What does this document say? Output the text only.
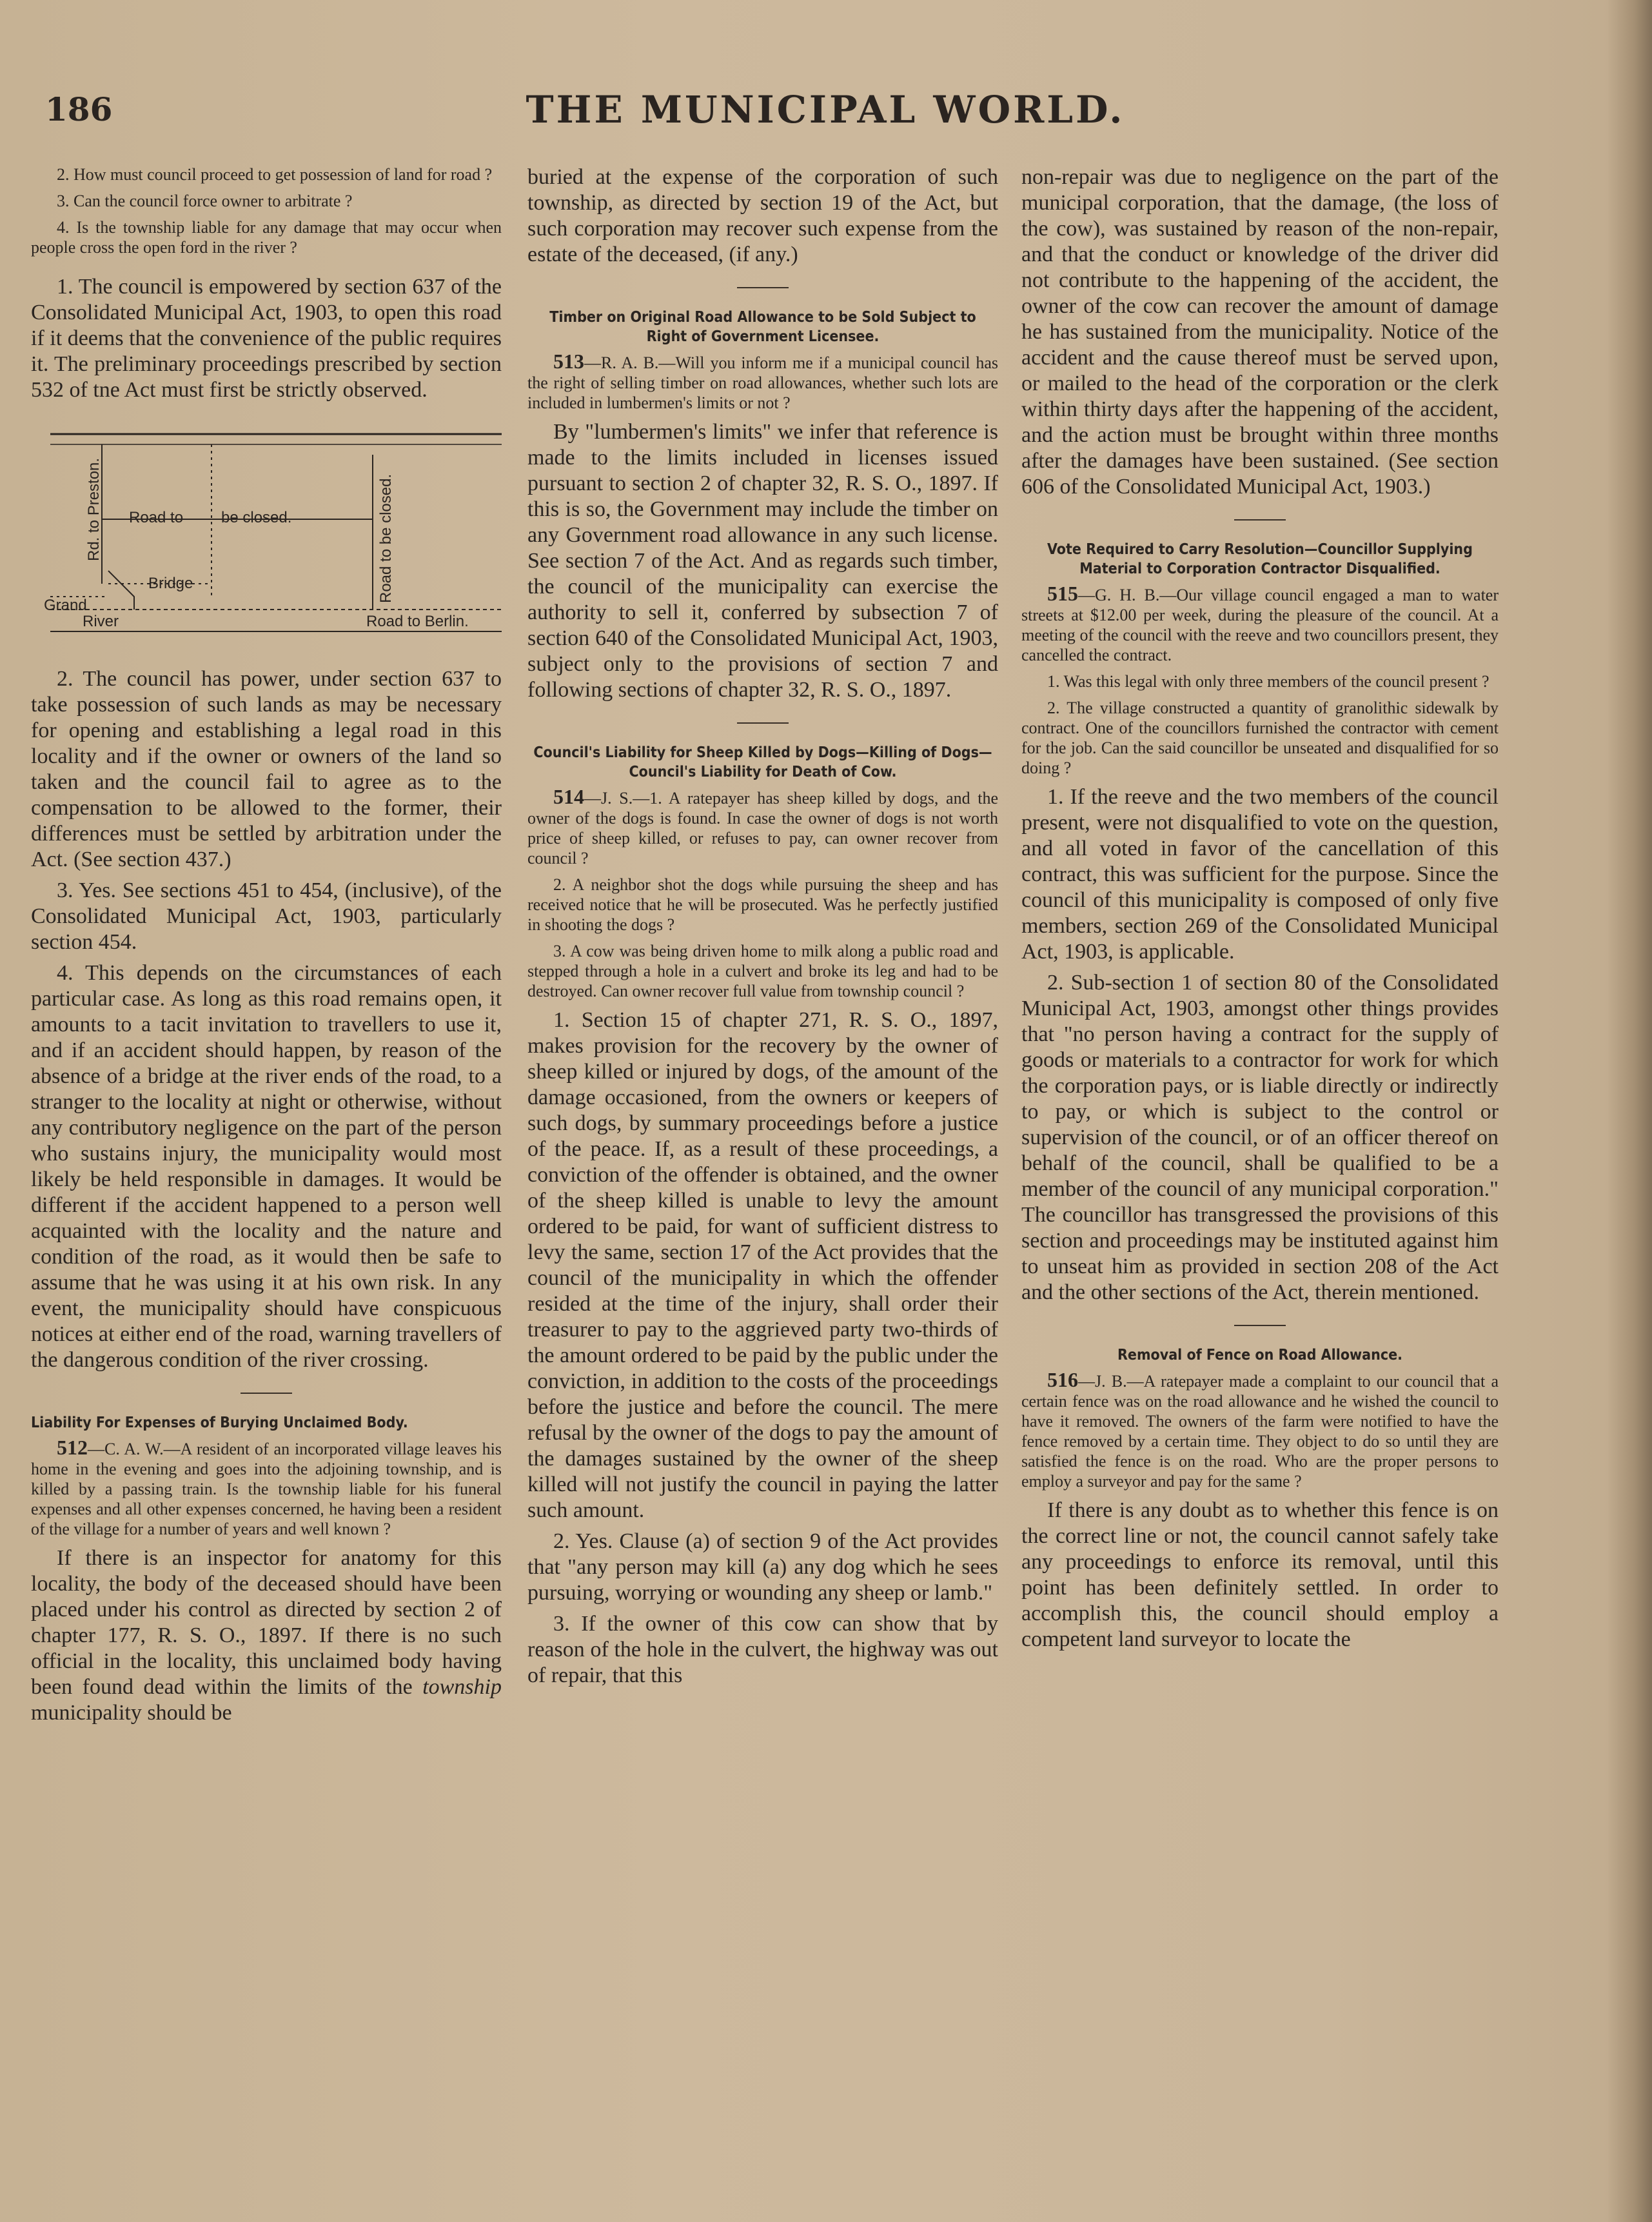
186	THE MUNICIPAL WORLD.

2. How must council proceed to get possession of land for road ?

3. Can the council force owner to arbitrate ?

4. Is the township liable for any damage that may occur when people cross the open ford in the river ?

1. The council is empowered by section 637 of the Consolidated Municipal Act, 1903, to open this road if it deems that the convenience of the public requires it. The preliminary proceedings prescribed by section 532 of tne Act must first be strictly observed.

Rd. to Preston. Road to be closed.	Road to be closed.
Bridge
Grand
River	Road to Berlin.

2. The council has power, under section 637 to take possession of such lands as may be necessary for opening and establishing a legal road in this locality and if the owner or owners of the land so taken and the council fail to agree as to the compensation to be allowed to the former, their differences must be settled by arbitration under the Act. (See section 437.)

3. Yes. See sections 451 to 454, (inclusive), of the Consolidated Municipal Act, 1903, particularly section 454.

4. This depends on the circumstances of each particular case. As long as this road remains open, it amounts to a tacit invitation to travellers to use it, and if an accident should happen, by reason of the absence of a bridge at the river ends of the road, to a stranger to the locality at night or otherwise, without any contributory negligence on the part of the person who sustains injury, the municipality would most likely be held responsible in damages. It would be different if the accident happened to a person well acquainted with the locality and the nature and condition of the road, as it would then be safe to assume that he was using it at his own risk. In any event, the municipality should have conspicuous notices at either end of the road, warning travellers of the dangerous condition of the river crossing.

Liability For Expenses of Burying Unclaimed Body.

512—C. A. W.—A resident of an incorporated village leaves his home in the evening and goes into the adjoining township, and is killed by a passing train. Is the township liable for his funeral expenses and all other expenses concerned, he having been a resident of the village for a number of years and well known ?

If there is an inspector for anatomy for this locality, the body of the deceased should have been placed under his control as directed by section 2 of chapter 177, R. S. O., 1897. If there is no such official in the locality, this unclaimed body having been found dead within the limits of the township municipality should be

buried at the expense of the corporation of such township, as directed by section 19 of the Act, but such corporation may recover such expense from the estate of the deceased, (if any.)

Timber on Original Road Allowance to be Sold Subject to Right of Government Licensee.

513—R. A. B.—Will you inform me if a municipal council has the right of selling timber on road allowances, whether such lots are included in lumbermen's limits or not ?

By "lumbermen's limits" we infer that reference is made to the limits included in licenses issued pursuant to section 2 of chapter 32, R. S. O., 1897. If this is so, the Government may include the timber on any Government road allowance in any such license. See section 7 of the Act. And as regards such timber, the council of the municipality can exercise the authority to sell it, conferred by subsection 7 of section 640 of the Consolidated Municipal Act, 1903, subject only to the provisions of section 7 and following sections of chapter 32, R. S. O., 1897.

Council's Liability for Sheep Killed by Dogs—Killing of Dogs—Council's Liability for Death of Cow.

514—J. S.—1. A ratepayer has sheep killed by dogs, and the owner of the dogs is found. In case the owner of dogs is not worth price of sheep killed, or refuses to pay, can owner recover from council ?

2. A neighbor shot the dogs while pursuing the sheep and has received notice that he will be prosecuted. Was he perfectly justified in shooting the dogs ?

3. A cow was being driven home to milk along a public road and stepped through a hole in a culvert and broke its leg and had to be destroyed. Can owner recover full value from township council ?

1. Section 15 of chapter 271, R. S. O., 1897, makes provision for the recovery by the owner of sheep killed or injured by dogs, of the amount of the damage occasioned, from the owners or keepers of such dogs, by summary proceedings before a justice of the peace. If, as a result of these proceedings, a conviction of the offender is obtained, and the owner of the sheep killed is unable to levy the amount ordered to be paid, for want of sufficient distress to levy the same, section 17 of the Act provides that the council of the municipality in which the offender resided at the time of the injury, shall order their treasurer to pay to the aggrieved party two-thirds of the amount ordered to be paid by the public under the conviction, in addition to the costs of the proceedings before the justice and before the council. The mere refusal by the owner of the dogs to pay the amount of the damages sustained by the owner of the sheep killed will not justify the council in paying the latter such amount.

2. Yes. Clause (a) of section 9 of the Act provides that "any person may kill (a) any dog which he sees pursuing, worrying or wounding any sheep or lamb."

3. If the owner of this cow can show that by reason of the hole in the culvert, the highway was out of repair, that this

non-repair was due to negligence on the part of the municipal corporation, that the damage, (the loss of the cow), was sustained by reason of the non-repair, and that the conduct or knowledge of the driver did not contribute to the happening of the accident, the owner of the cow can recover the amount of damage he has sustained from the municipality. Notice of the accident and the cause thereof must be served upon, or mailed to the head of the corporation or the clerk within thirty days after the happening of the accident, and the action must be brought within three months after the damages have been sustained. (See section 606 of the Consolidated Municipal Act, 1903.)

Vote Required to Carry Resolution—Councillor Supplying Material to Corporation Contractor Disqualified.

515—G. H. B.—Our village council engaged a man to water streets at $12.00 per week, during the pleasure of the council. At a meeting of the council with the reeve and two councillors present, they cancelled the contract.

1. Was this legal with only three members of the council present ?

2. The village constructed a quantity of granolithic sidewalk by contract. One of the councillors furnished the contractor with cement for the job. Can the said councillor be unseated and disqualified for so doing ?

1. If the reeve and the two members of the council present, were not disqualified to vote on the question, and all voted in favor of the cancellation of this contract, this was sufficient for the purpose. Since the council of this municipality is composed of only five members, section 269 of the Consolidated Municipal Act, 1903, is applicable.

2. Sub-section 1 of section 80 of the Consolidated Municipal Act, 1903, amongst other things provides that "no person having a contract for the supply of goods or materials to a contractor for work for which the corporation pays, or is liable directly or indirectly to pay, or which is subject to the control or supervision of the council, or of an officer thereof on behalf of the council, shall be qualified to be a member of the council of any municipal corporation." The councillor has transgressed the provisions of this section and proceedings may be instituted against him to unseat him as provided in section 208 of the Act and the other sections of the Act, therein mentioned.

Removal of Fence on Road Allowance.

516—J. B.—A ratepayer made a complaint to our council that a certain fence was on the road allowance and he wished the council to have it removed. The owners of the farm were notified to have the fence removed by a certain time. They object to do so until they are satisfied the fence is on the road. Who are the proper persons to employ a surveyor and pay for the same ?

If there is any doubt as to whether this fence is on the correct line or not, the council cannot safely take any proceedings to enforce its removal, until this point has been definitely settled. In order to accomplish this, the council should employ a competent land surveyor to locate the
